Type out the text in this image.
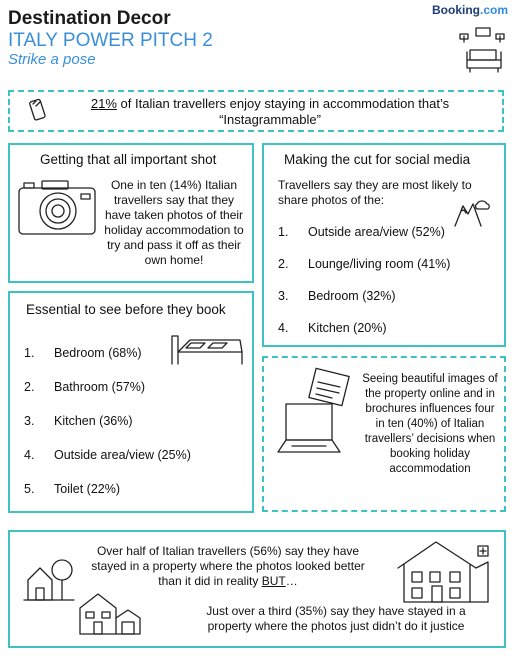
Destination Decor
ITALY POWER PITCH 2
Strike a pose
Booking.com
21% of Italian travellers enjoy staying in accommodation that’s “Instagrammable”
Getting that all important shot
One in ten (14%) Italian travellers say that they have taken photos of their holiday accommodation to try and pass it off as their own home!
Making the cut for social media
Travellers say they are most likely to share photos of the:
1. Outside area/view (52%)
2. Lounge/living room (41%)
3. Bedroom (32%)
4. Kitchen (20%)
Essential to see before they book
1. Bedroom (68%)
2. Bathroom (57%)
3. Kitchen (36%)
4. Outside area/view (25%)
5. Toilet (22%)
Seeing beautiful images of the property online and in brochures influences four in ten (40%) of Italian travellers’ decisions when booking holiday accommodation
Over half of Italian travellers (56%) say they have stayed in a property where the photos looked better than it did in reality BUT…
Just over a third (35%) say they have stayed in a property where the photos just didn’t do it justice
